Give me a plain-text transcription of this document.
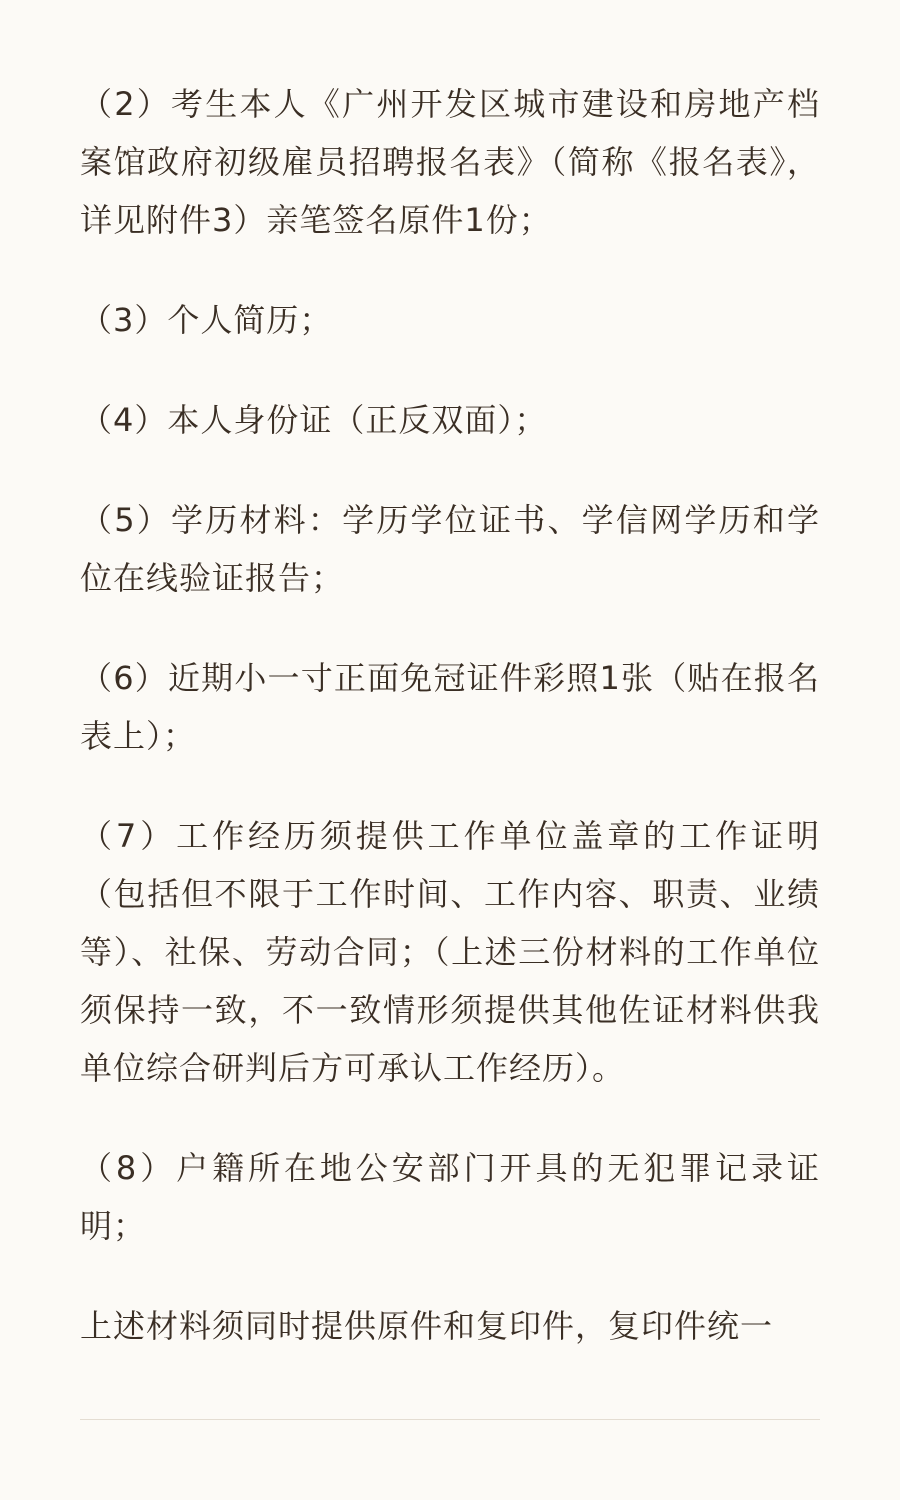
（2）考生本人《广州开发区城市建设和房地产档案馆政府初级雇员招聘报名表》（简称《报名表》，详见附件3）亲笔签名原件1份；

（3）个人简历；

（4）本人身份证（正反双面）；

（5）学历材料：学历学位证书、学信网学历和学位在线验证报告；

（6）近期小一寸正面免冠证件彩照1张（贴在报名表上）；

（7）工作经历须提供工作单位盖章的工作证明（包括但不限于工作时间、工作内容、职责、业绩等）、社保、劳动合同；（上述三份材料的工作单位须保持一致，不一致情形须提供其他佐证材料供我单位综合研判后方可承认工作经历）。

（8）户籍所在地公安部门开具的无犯罪记录证明；

上述材料须同时提供原件和复印件，复印件统一
